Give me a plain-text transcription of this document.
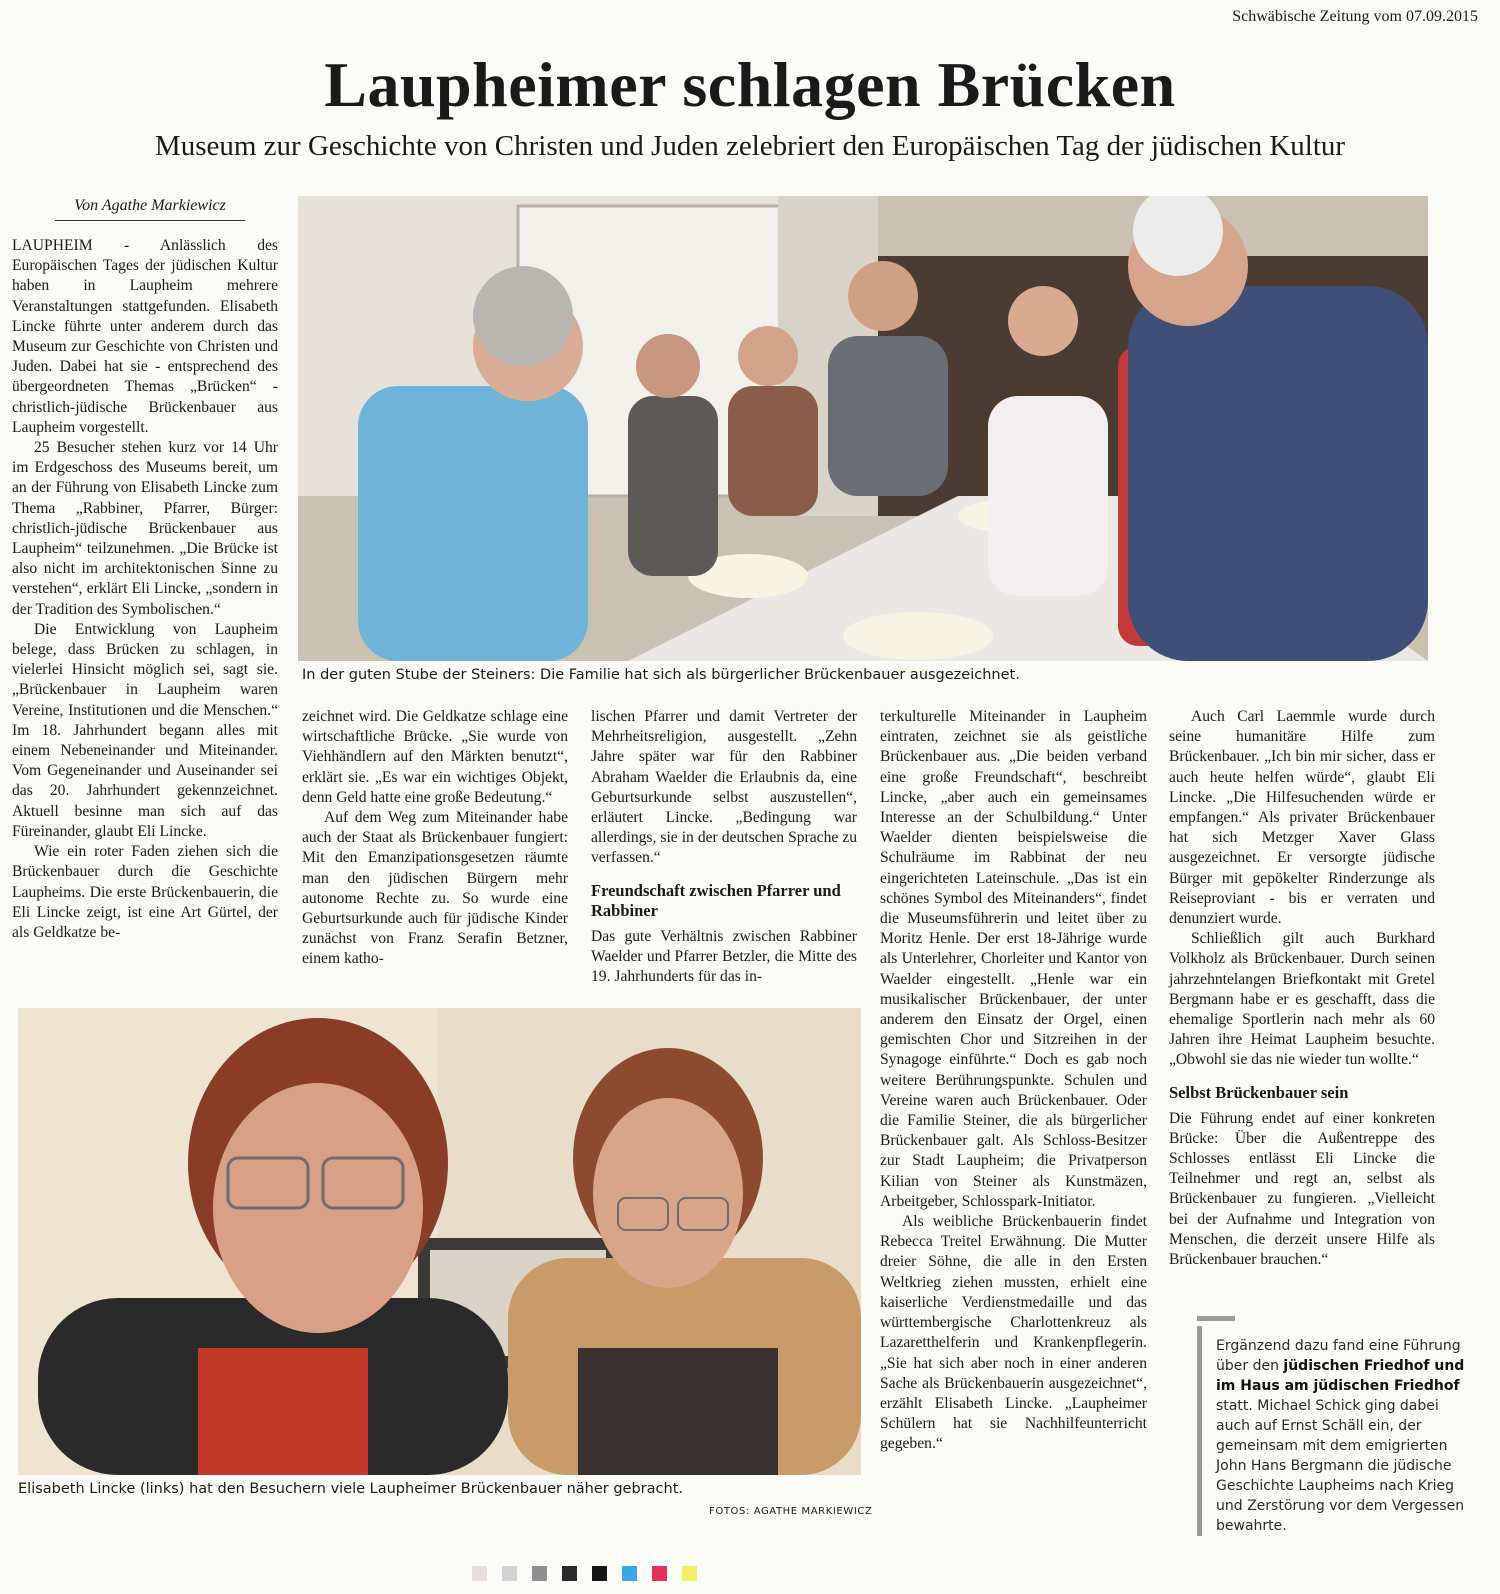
Schwäbische Zeitung vom 07.09.2015
Laupheimer schlagen Brücken
Museum zur Geschichte von Christen und Juden zelebriert den Europäischen Tag der jüdischen Kultur
Von Agathe Markiewicz

LAUPHEIM - Anlässlich des Europäischen Tages der jüdischen Kultur haben in Laupheim mehrere Veranstaltungen stattgefunden. Elisabeth Lincke führte unter anderem durch das Museum zur Geschichte von Christen und Juden. Dabei hat sie - entsprechend des übergeordneten Themas „Brücken“ - christlich-jüdische Brückenbauer aus Laupheim vorgestellt.

25 Besucher stehen kurz vor 14 Uhr im Erdgeschoss des Museums bereit, um an der Führung von Elisabeth Lincke zum Thema „Rabbiner, Pfarrer, Bürger: christlich-jüdische Brückenbauer aus Laupheim“ teilzunehmen. „Die Brücke ist also nicht im architektonischen Sinne zu verstehen“, erklärt Eli Lincke, „sondern in der Tradition des Symbolischen.“

Die Entwicklung von Laupheim belege, dass Brücken zu schlagen, in vielerlei Hinsicht möglich sei, sagt sie. „Brückenbauer in Laupheim waren Vereine, Institutionen und die Menschen.“ Im 18. Jahrhundert begann alles mit einem Nebeneinander und Miteinander. Vom Gegeneinander und Auseinander sei das 20. Jahrhundert gekennzeichnet. Aktuell besinne man sich auf das Füreinander, glaubt Eli Lincke.

Wie ein roter Faden ziehen sich die Brückenbauer durch die Geschichte Laupheims. Die erste Brückenbauerin, die Eli Lincke zeigt, ist eine Art Gürtel, der als Geldkatze be-

In der guten Stube der Steiners: Die Familie hat sich als bürgerlicher Brückenbauer ausgezeichnet.

zeichnet wird. Die Geldkatze schlage eine wirtschaftliche Brücke. „Sie wurde von Viehhändlern auf den Märkten benutzt“, erklärt sie. „Es war ein wichtiges Objekt, denn Geld hatte eine große Bedeutung.“

Auf dem Weg zum Miteinander habe auch der Staat als Brückenbauer fungiert: Mit den Emanzipationsgesetzen räumte man den jüdischen Bürgern mehr autonome Rechte zu. So wurde eine Geburtsurkunde auch für jüdische Kinder zunächst von Franz Serafin Betzner, einem katho-

lischen Pfarrer und damit Vertreter der Mehrheitsreligion, ausgestellt. „Zehn Jahre später war für den Rabbiner Abraham Waelder die Erlaubnis da, eine Geburtsurkunde selbst auszustellen“, erläutert Lincke. „Bedingung war allerdings, sie in der deutschen Sprache zu verfassen.“

Freundschaft zwischen Pfarrer und Rabbiner

Das gute Verhältnis zwischen Rabbiner Waelder und Pfarrer Betzler, die Mitte des 19. Jahrhunderts für das in-

terkulturelle Miteinander in Laupheim eintraten, zeichnet sie als geistliche Brückenbauer aus. „Die beiden verband eine große Freundschaft“, beschreibt Lincke, „aber auch ein gemeinsames Interesse an der Schulbildung.“ Unter Waelder dienten beispielsweise die Schulräume im Rabbinat der neu eingerichteten Lateinschule. „Das ist ein schönes Symbol des Miteinanders“, findet die Museumsführerin und leitet über zu Moritz Henle. Der erst 18-Jährige wurde als Unterlehrer, Chorleiter und Kantor von Waelder eingestellt. „Henle war ein musikalischer Brückenbauer, der unter anderem den Einsatz der Orgel, einen gemischten Chor und Sitzreihen in der Synagoge einführte.“ Doch es gab noch weitere Berührungspunkte. Schulen und Vereine waren auch Brückenbauer. Oder die Familie Steiner, die als bürgerlicher Brückenbauer galt. Als Schloss-Besitzer zur Stadt Laupheim; die Privatperson Kilian von Steiner als Kunstmäzen, Arbeitgeber, Schlosspark-Initiator.

Als weibliche Brückenbauerin findet Rebecca Treitel Erwähnung. Die Mutter dreier Söhne, die alle in den Ersten Weltkrieg ziehen mussten, erhielt eine kaiserliche Verdienstmedaille und das württembergische Charlottenkreuz als Lazaretthelferin und Krankenpflegerin. „Sie hat sich aber noch in einer anderen Sache als Brückenbauerin ausgezeichnet“, erzählt Elisabeth Lincke. „Laupheimer Schülern hat sie Nachhilfeunterricht gegeben.“

Auch Carl Laemmle wurde durch seine humanitäre Hilfe zum Brückenbauer. „Ich bin mir sicher, dass er auch heute helfen würde“, glaubt Eli Lincke. „Die Hilfesuchenden würde er empfangen.“ Als privater Brückenbauer hat sich Metzger Xaver Glass ausgezeichnet. Er versorgte jüdische Bürger mit gepökelter Rinderzunge als Reiseproviant - bis er verraten und denunziert wurde.

Schließlich gilt auch Burkhard Volkholz als Brückenbauer. Durch seinen jahrzehntelangen Briefkontakt mit Gretel Bergmann habe er es geschafft, dass die ehemalige Sportlerin nach mehr als 60 Jahren ihre Heimat Laupheim besuchte. „Obwohl sie das nie wieder tun wollte.“

Selbst Brückenbauer sein

Die Führung endet auf einer konkreten Brücke: Über die Außentreppe des Schlosses entlässt Eli Lincke die Teilnehmer und regt an, selbst als Brückenbauer zu fungieren. „Vielleicht bei der Aufnahme und Integration von Menschen, die derzeit unsere Hilfe als Brückenbauer brauchen.“

Elisabeth Lincke (links) hat den Besuchern viele Laupheimer Brückenbauer näher gebracht.
FOTOS: AGATHE MARKIEWICZ
Ergänzend dazu fand eine Führung über den jüdischen Friedhof und im Haus am jüdischen Friedhof statt. Michael Schick ging dabei auch auf Ernst Schäll ein, der gemeinsam mit dem emigrierten John Hans Bergmann die jüdische Geschichte Laupheims nach Krieg und Zerstörung vor dem Vergessen bewahrte.
